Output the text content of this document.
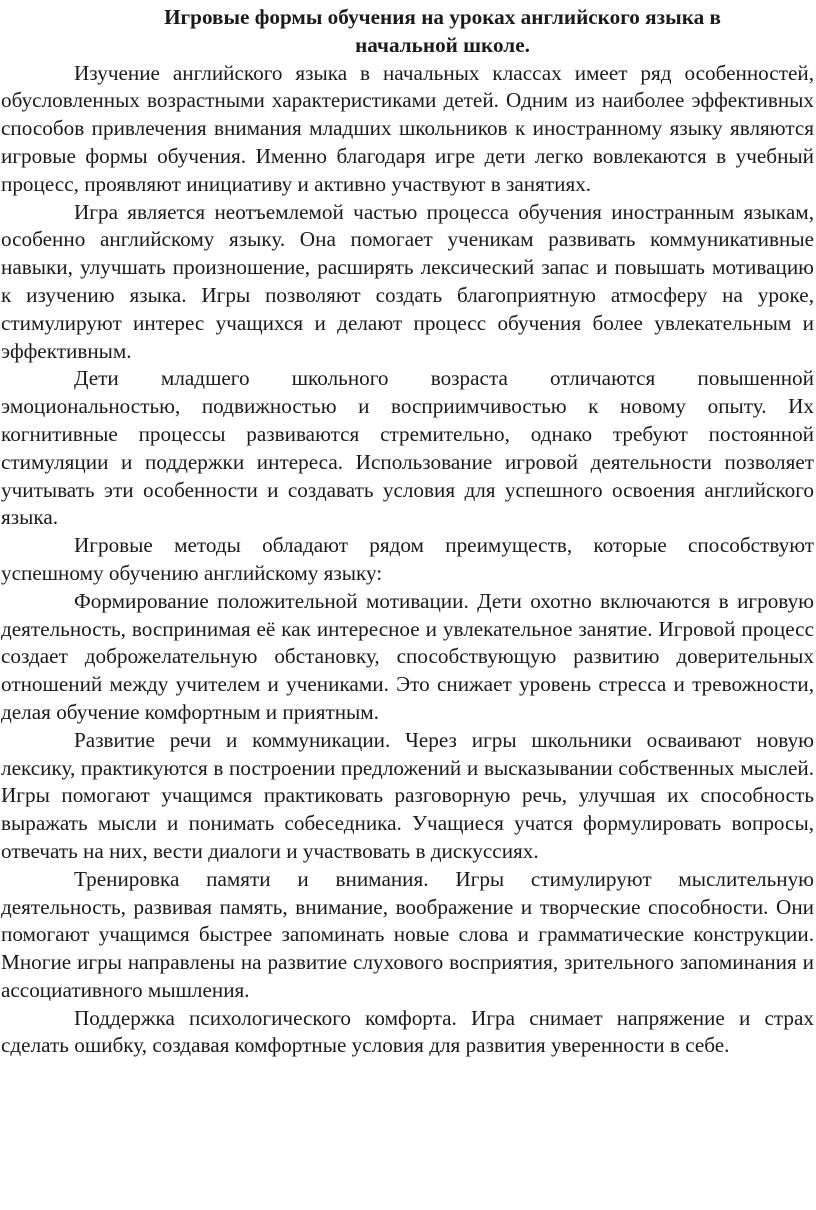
Игровые формы обучения на уроках английского языка в
начальной школе.

Изучение английского языка в начальных классах имеет ряд особенностей, обусловленных возрастными характеристиками детей. Одним из наиболее эффективных способов привлечения внимания младших школьников к иностранному языку являются игровые формы обучения. Именно благодаря игре дети легко вовлекаются в учебный процесс, проявляют инициативу и активно участвуют в занятиях.

Игра является неотъемлемой частью процесса обучения иностранным языкам, особенно английскому языку. Она помогает ученикам развивать коммуникативные навыки, улучшать произношение, расширять лексический запас и повышать мотивацию к изучению языка. Игры позволяют создать благоприятную атмосферу на уроке, стимулируют интерес учащихся и делают процесс обучения более увлекательным и эффективным.

Дети младшего школьного возраста отличаются повышенной эмоциональностью, подвижностью и восприимчивостью к новому опыту. Их когнитивные процессы развиваются стремительно, однако требуют постоянной стимуляции и поддержки интереса. Использование игровой деятельности позволяет учитывать эти особенности и создавать условия для успешного освоения английского языка.

Игровые методы обладают рядом преимуществ, которые способствуют успешному обучению английскому языку:

Формирование положительной мотивации. Дети охотно включаются в игровую деятельность, воспринимая её как интересное и увлекательное занятие. Игровой процесс создает доброжелательную обстановку, способствующую развитию доверительных отношений между учителем и учениками. Это снижает уровень стресса и тревожности, делая обучение комфортным и приятным.

Развитие речи и коммуникации. Через игры школьники осваивают новую лексику, практикуются в построении предложений и высказывании собственных мыслей. Игры помогают учащимся практиковать разговорную речь, улучшая их способность выражать мысли и понимать собеседника. Учащиеся учатся формулировать вопросы, отвечать на них, вести диалоги и участвовать в дискуссиях.

Тренировка памяти и внимания. Игры стимулируют мыслительную деятельность, развивая память, внимание, воображение и творческие способности. Они помогают учащимся быстрее запоминать новые слова и грамматические конструкции. Многие игры направлены на развитие слухового восприятия, зрительного запоминания и ассоциативного мышления.

Поддержка психологического комфорта. Игра снимает напряжение и страх сделать ошибку, создавая комфортные условия для развития уверенности в себе.
